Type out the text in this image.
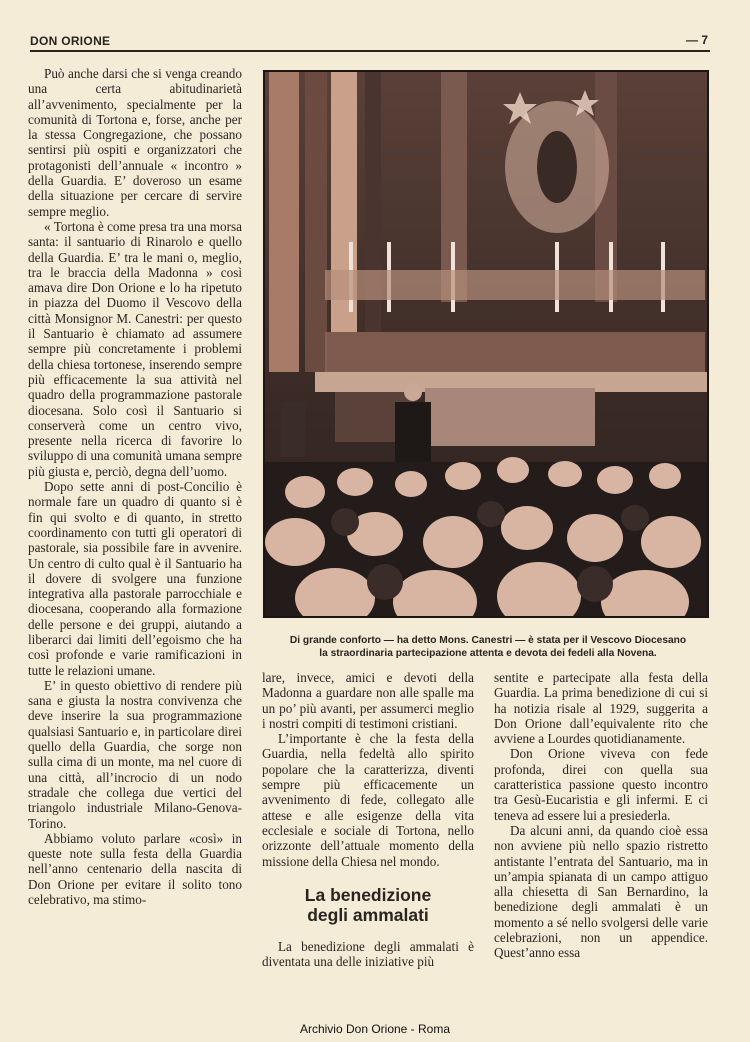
DON ORIONE	— 7

Può anche darsi che si venga creando una certa abitudinarietà all’avvenimento, specialmente per la comunità di Tortona e, forse, anche per la stessa Congregazione, che possano sentirsi più ospiti e organizzatori che protagonisti dell’annuale « incontro » della Guardia. E’ doveroso un esame della situazione per cercare di servire sempre meglio.

« Tortona è come presa tra una morsa santa: il santuario di Rinarolo e quello della Guardia. E’ tra le mani o, meglio, tra le braccia della Madonna » così amava dire Don Orione e lo ha ripetuto in piazza del Duomo il Vescovo della città Monsignor M. Canestri: per questo il Santuario è chiamato ad assumere sempre più concretamente i problemi della chiesa tortonese, inserendo sempre più efficacemente la sua attività nel quadro della programmazione pastorale diocesana. Solo così il Santuario si conserverà come un centro vivo, presente nella ricerca di favorire lo sviluppo di una comunità umana sempre più giusta e, perciò, degna dell’uomo.

Dopo sette anni di post-Concilio è normale fare un quadro di quanto si è fin qui svolto e di quanto, in stretto coordinamento con tutti gli operatori di pastorale, sia possibile fare in avvenire. Un centro di culto qual è il Santuario ha il dovere di svolgere una funzione integrativa alla pastorale parrocchiale e diocesana, cooperando alla formazione delle persone e dei gruppi, aiutando a liberarci dai limiti dell’egoismo che ha così profonde e varie ramificazioni in tutte le relazioni umane.

E’ in questo obiettivo di rendere più sana e giusta la nostra convivenza che deve inserire la sua programmazione qualsiasi Santuario e, in particolare direi quello della Guardia, che sorge non sulla cima di un monte, ma nel cuore di una città, all’incrocio di un nodo stradale che collega due vertici del triangolo industriale Milano-Genova-Torino.

Abbiamo voluto parlare «così» in queste note sulla festa della Guardia nell’anno centenario della nascita di Don Orione per evitare il solito tono celebrativo, ma stimo-

Di grande conforto — ha detto Mons. Canestri — è stata per il Vescovo Diocesano
la straordinaria partecipazione attenta e devota dei fedeli alla Novena.

lare, invece, amici e devoti della Madonna a guardare non alle spalle ma un po’ più avanti, per assumerci meglio i nostri compiti di testimoni cristiani.

L’importante è che la festa della Guardia, nella fedeltà allo spirito popolare che la caratterizza, diventi sempre più efficacemente un avvenimento di fede, collegato alle attese e alle esigenze della vita ecclesiale e sociale di Tortona, nello orizzonte dell’attuale momento della missione della Chiesa nel mondo.

La benedizione
degli ammalati

La benedizione degli ammalati è diventata una delle iniziative più

sentite e partecipate alla festa della Guardia. La prima benedizione di cui si ha notizia risale al 1929, suggerita a Don Orione dall’equivalente rito che avviene a Lourdes quotidianamente.

Don Orione viveva con fede profonda, direi con quella sua caratteristica passione questo incontro tra Gesù-Eucaristia e gli infermi. E ci teneva ad essere lui a presiederla.

Da alcuni anni, da quando cioè essa non avviene più nello spazio ristretto antistante l’entrata del Santuario, ma in un’ampia spianata di un campo attiguo alla chiesetta di San Bernardino, la benedizione degli ammalati è un momento a sé nello svolgersi delle varie celebrazioni, non un appendice. Quest’anno essa

Archivio Don Orione - Roma
